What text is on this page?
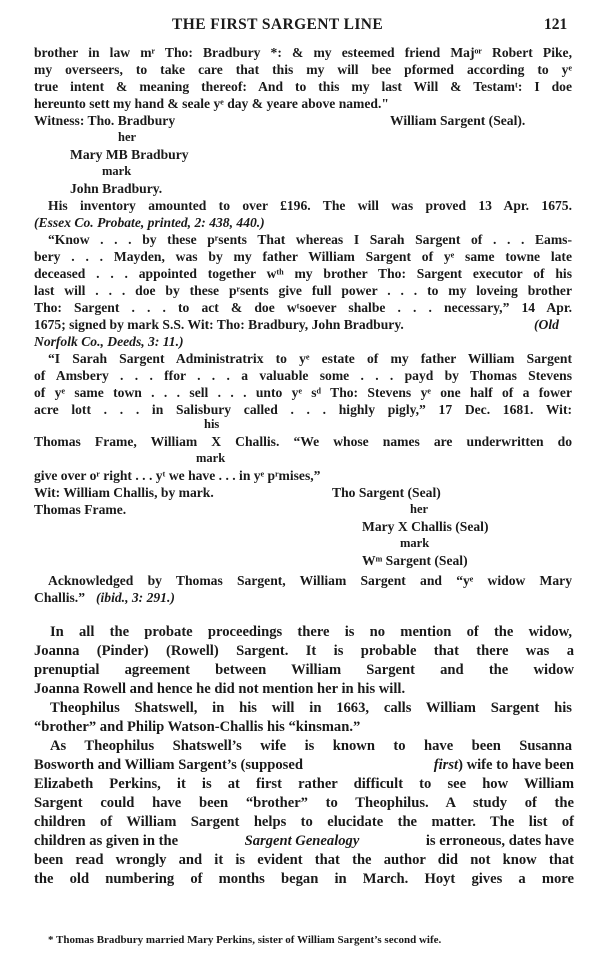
THE FIRST SARGENT LINE	121
brother in law mʳ Tho: Bradbury *: & my esteemed friend Majᵒʳ Robert Pike,
my overseers, to take care that this my will bee pformed according to yᵉ
true intent & meaning thereof: And to this my last Will & Testamᵗ: I doe
hereunto sett my hand & seale yᵉ day & yeare above named."
Witness: Tho. Bradbury	William Sargent (Seal).
her
Mary MB Bradbury
mark
John Bradbury.
His inventory amounted to over £196. The will was proved 13 Apr. 1675.
(Essex Co. Probate, printed, 2: 438, 440.)
“Know . . . by these pʳsents That whereas I Sarah Sargent of . . . Eams-
bery . . . Mayden, was by my father William Sargent of yᵉ same towne late
deceased . . . appointed together wᵗʰ my brother Tho: Sargent executor of his
last will . . . doe by these pʳsents give full power . . . to my loveing brother
Tho: Sargent . . . to act & doe wᵗsoever shalbe . . . necessary,” 14 Apr.
1675; signed by mark S.S. Wit: Tho: Bradbury, John Bradbury.	(Old
Norfolk Co., Deeds, 3: 11.)
“I Sarah Sargent Administratrix to yᵉ estate of my father William Sargent
of Amsbery . . . ffor . . . a valuable some . . . payd by Thomas Stevens
of yᵉ same town . . . sell . . . unto yᵉ sᵈ Tho: Stevens yᵉ one half of a fower
acre lott . . . in Salisbury called . . . highly pigly,” 17 Dec. 1681. Wit:
his
Thomas Frame, William X Challis. “We whose names are underwritten do
mark
give over oʳ right . . . yᵗ we have . . . in yᵉ pʳmises,”
Wit: William Challis, by mark.	Tho Sargent (Seal)
Thomas Frame.	her
Mary X Challis (Seal)
mark
Wᵐ Sargent (Seal)
Acknowledged by Thomas Sargent, William Sargent and “yᵉ widow Mary
Challis.” (ibid., 3: 291.)
In all the probate proceedings there is no mention of the widow,
Joanna (Pinder) (Rowell) Sargent. It is probable that there was a
prenuptial agreement between William Sargent and the widow
Joanna Rowell and hence he did not mention her in his will.
Theophilus Shatswell, in his will in 1663, calls William Sargent his
“brother” and Philip Watson-Challis his “kinsman.”
As Theophilus Shatswell’s wife is known to have been Susanna
Bosworth and William Sargent’s (supposed	first ) wife to have been
Elizabeth Perkins, it is at first rather difficult to see how William
Sargent could have been “brother” to Theophilus. A study of the
children of William Sargent helps to elucidate the matter. The list of
children as given in the	Sargent Genealogy	is erroneous, dates have
been read wrongly and it is evident that the author did not know that
the old numbering of months began in March. Hoyt gives a more
* Thomas Bradbury married Mary Perkins, sister of William Sargent’s second wife.
